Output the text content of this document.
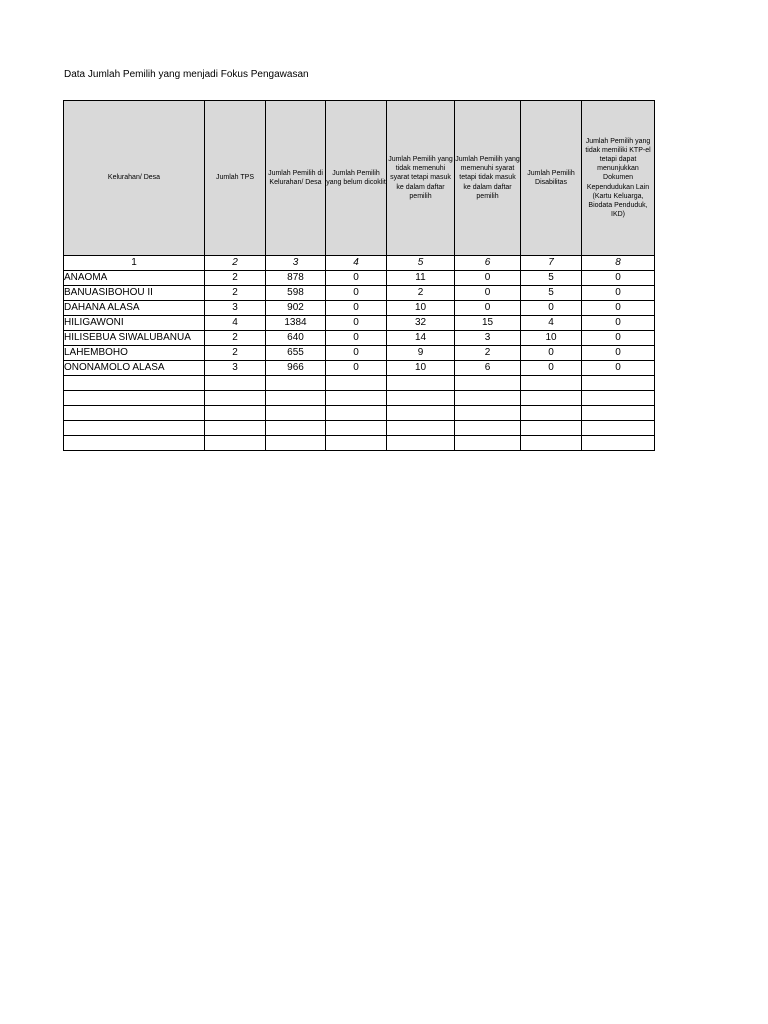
Data Jumlah Pemilih yang menjadi Fokus Pengawasan
Kelurahan/ Desa	Jumlah TPS	Jumlah Pemilih di Kelurahan/ Desa	Jumlah Pemilih yang belum dicoklit	Jumlah Pemilih yang tidak memenuhi syarat tetapi masuk ke dalam daftar pemilih	Jumlah Pemilih yang memenuhi syarat tetapi tidak masuk ke dalam daftar pemilih	Jumlah Pemilih Disabilitas	Jumlah Pemilih yang tidak memiliki KTP-el tetapi dapat menunjukkan Dokumen Kependudukan Lain (Kartu Keluarga, Biodata Penduduk, IKD)
1	2	3	4	5	6	7	8
ANAOMA	2	878	0	11	0	5	0
BANUASIBOHOU II	2	598	0	2	0	5	0
DAHANA ALASA	3	902	0	10	0	0	0
HILIGAWONI	4	1384	0	32	15	4	0
HILISEBUA SIWALUBANUA	2	640	0	14	3	10	0
LAHEMBOHO	2	655	0	9	2	0	0
ONONAMOLO ALASA	3	966	0	10	6	0	0
